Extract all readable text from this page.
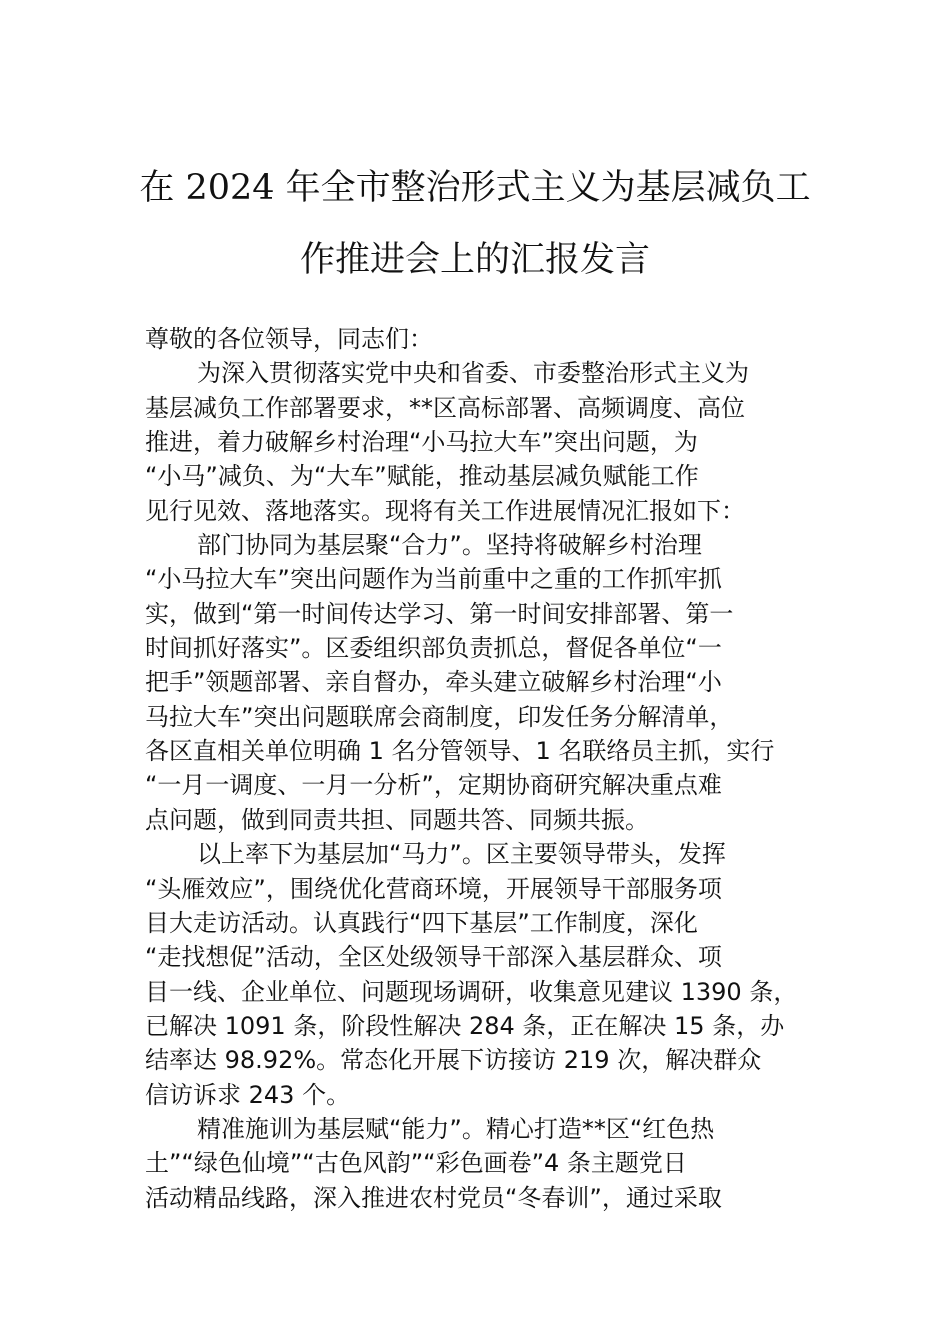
在 2024 年全市整治形式主义为基层减负工
作推进会上的汇报发言
尊敬的各位领导，同志们：
为深入贯彻落实党中央和省委、市委整治形式主义为
基层减负工作部署要求，**区高标部署、高频调度、高位
推进，着力破解乡村治理“小马拉大车”突出问题，为
“小马”减负、为“大车”赋能，推动基层减负赋能工作
见行见效、落地落实。现将有关工作进展情况汇报如下：
部门协同为基层聚“合力”。坚持将破解乡村治理
“小马拉大车”突出问题作为当前重中之重的工作抓牢抓
实，做到“第一时间传达学习、第一时间安排部署、第一
时间抓好落实”。区委组织部负责抓总，督促各单位“一
把手”领题部署、亲自督办，牵头建立破解乡村治理“小
马拉大车”突出问题联席会商制度，印发任务分解清单，
各区直相关单位明确 1 名分管领导、1 名联络员主抓，实行
“一月一调度、一月一分析”，定期协商研究解决重点难
点问题，做到同责共担、同题共答、同频共振。
以上率下为基层加“马力”。区主要领导带头，发挥
“头雁效应”，围绕优化营商环境，开展领导干部服务项
目大走访活动。认真践行“四下基层”工作制度，深化
“走找想促”活动，全区处级领导干部深入基层群众、项
目一线、企业单位、问题现场调研，收集意见建议 1390 条，
已解决 1091 条，阶段性解决 284 条，正在解决 15 条，办
结率达 98.92%。常态化开展下访接访 219 次，解决群众
信访诉求 243 个。
精准施训为基层赋“能力”。精心打造**区“红色热
土”“绿色仙境”“古色风韵”“彩色画卷”4 条主题党日
活动精品线路，深入推进农村党员“冬春训”，通过采取
